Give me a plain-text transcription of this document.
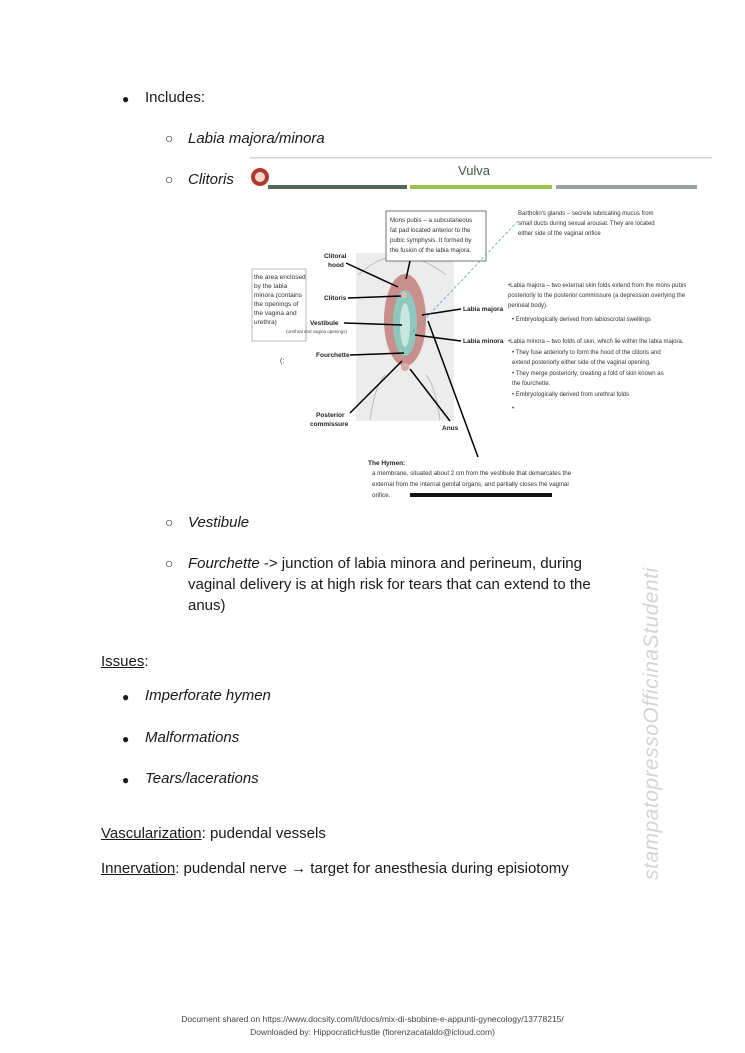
● Includes:
○ Labia majora/minora
○ Clitoris
Vulva
the area enclosed by the labia minora (contains the openings of the vagina and urethra)
(:
Clitoral hood
Clitoris
Vestibule
(urethral and vagina openings)
Fourchette
Posterior commissure
Anus
Labia majora
Labia minora
Mons pubis – a subcutaneous fat pad located anterior to the pubic symphysis. It formed by the fusion of the labia majora.
Bartholin's glands – secrete lubricating mucus from small ducts during sexual arousal. They are located either side of the vaginal orifice
•Labia majora – two external skin folds extend from the mons pubis posteriorly to the posterior commissure (a depression overlying the perineal body). • Embryologically derived from labioscrotal swellings
•Labia minora – two folds of skin, which lie within the labia majora. • They fuse anteriorly to form the hood of the clitoris and extend posteriorly either side of the vaginal opening. • They merge posteriorly, creating a fold of skin known as the fourchette. • Embryologically derived from urethral folds •
The Hymen:
a membrane, situated about 2 cm from the vestibule that demarcates the external from the internal genital organs, and partially closes the vaginal orifice.
○ Vestibule
○ Fourchette -> junction of labia minora and perineum, during
vaginal delivery is at high risk for tears that can extend to the
anus)
Issues:
● Imperforate hymen
● Malformations
● Tears/lacerations
Vascularization: pudendal vessels
Innervation: pudendal nerve → target for anesthesia during episiotomy	stampatopressoOfficinaStudenti
Document shared on https://www.docsity.com/it/docs/mix-di-sbobine-e-appunti-gynecology/13778215/
Downloaded by: HippocraticHustle (fiorenzacataldo@icloud.com)
